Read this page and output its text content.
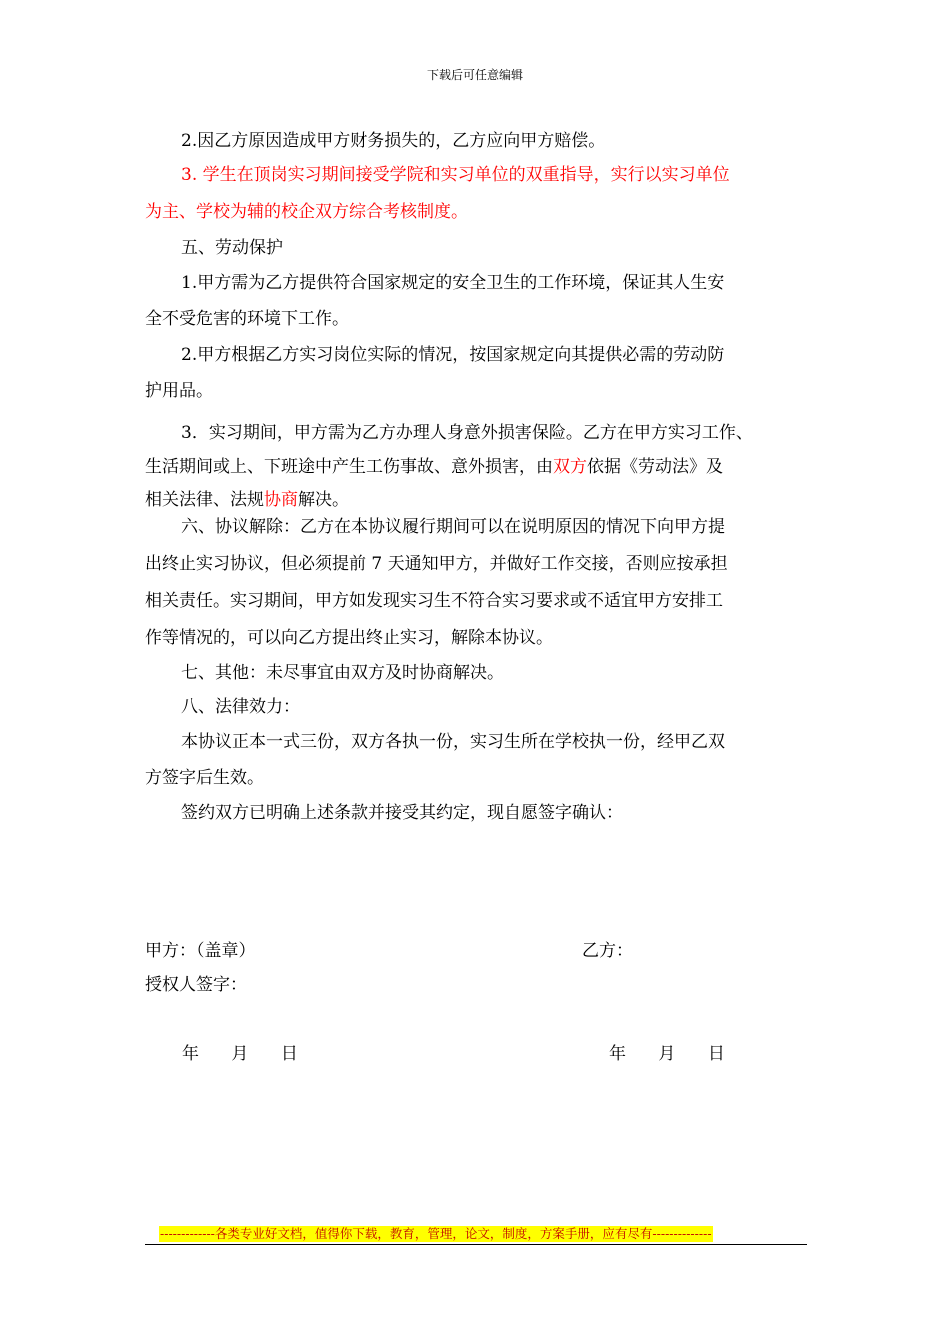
下载后可任意编辑
2.因乙方原因造成甲方财务损失的，乙方应向甲方赔偿。
3. 学生在顶岗实习期间接受学院和实习单位的双重指导，实行以实习单位
为主、学校为辅的校企双方综合考核制度。
五、劳动保护
1.甲方需为乙方提供符合国家规定的安全卫生的工作环境，保证其人生安
全不受危害的环境下工作。
2.甲方根据乙方实习岗位实际的情况，按国家规定向其提供必需的劳动防
护用品。
3．实习期间，甲方需为乙方办理人身意外损害保险。乙方在甲方实习工作、
生活期间或上、下班途中产生工伤事故、意外损害，由双方依据《劳动法》及
相关法律、法规协商解决。
六、协议解除：乙方在本协议履行期间可以在说明原因的情况下向甲方提
出终止实习协议，但必须提前 7 天通知甲方，并做好工作交接，否则应按承担
相关责任。实习期间，甲方如发现实习生不符合实习要求或不适宜甲方安排工
作等情况的，可以向乙方提出终止实习，解除本协议。
七、其他：未尽事宜由双方及时协商解决。
八、法律效力：
本协议正本一式三份，双方各执一份，实习生所在学校执一份，经甲乙双
方签字后生效。
签约双方已明确上述条款并接受其约定，现自愿签字确认：
甲方：（盖章）	乙方：
授权人签字：
年      月      日	年      月      日
-------------各类专业好文档，值得你下载，教育，管理，论文，制度，方案手册，应有尽有--------------
